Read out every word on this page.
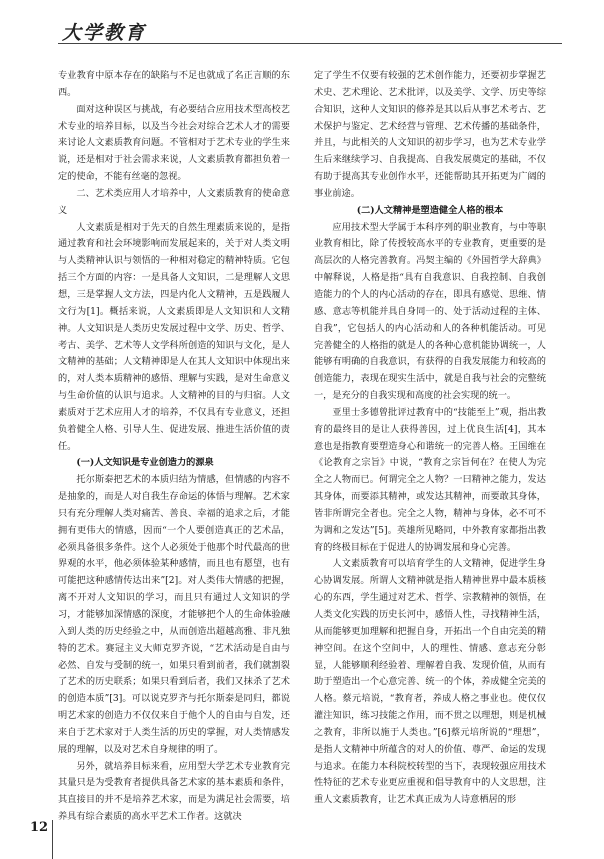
大学教育

专业教育中原本存在的缺陷与不足也就成了名正言顺的东西。

面对这种误区与挑战，有必要结合应用技术型高校艺术专业的培养目标，以及当今社会对综合艺术人才的需要来讨论人文素质教育问题。不管相对于艺术专业的学生来说，还是相对于社会需求来说，人文素质教育都担负着一定的使命，不能有丝毫的忽视。

二、艺术类应用人才培养中，人文素质教育的使命意义

人文素质是相对于先天的自然生理素质来说的，是指通过教育和社会环境影响而发展起来的，关于对人类文明与人类精神认识与领悟的一种相对稳定的精神特质。它包括三个方面的内容：一是具备人文知识，二是理解人文思想，三是掌握人文方法，四是内化人文精神，五是践履人文行为[1]。概括来说，人文素质即是人文知识和人文精神。人文知识是人类历史发展过程中文学、历史、哲学、考古、美学、艺术等人文学科所创造的知识与文化，是人文精神的基础；人文精神即是人在其人文知识中体现出来的，对人类本质精神的感悟、理解与实践，是对生命意义与生命价值的认识与追求。人文精神的目的与归宿。人文素质对于艺术应用人才的培养，不仅具有专业意义，还担负着健全人格、引导人生、促进发展、推进生活价值的责任。

(一)人文知识是专业创造力的源泉

托尔斯泰把艺术的本质归结为情感，但情感的内容不是抽象的，而是人对自我生存命运的体悟与理解。艺术家只有充分理解人类对痛苦、善良、幸福的追求之后，才能拥有更伟大的情感，因而“一个人要创造真正的艺术品，必须具备很多条件。这个人必须处于他那个时代最高的世界观的水平，他必须体验某种感情，而且也有愿望，也有可能把这种感情传达出来”[2]。对人类伟大情感的把握，离不开对人文知识的学习，而且只有通过人文知识的学习，才能够加深情感的深度，才能够把个人的生命体验融入到人类的历史经验之中，从而创造出超越高雅、非凡独特的艺术。赛冠主义大师克罗齐说，“艺术活动是自由与必然、自发与受制的统一，如果只看到前者，我们就割裂了艺术的历史联系；如果只看到后者，我们又抹杀了艺术的创造本质”[3]。可以说克罗齐与托尔斯泰是同归，都说明艺术家的创造力不仅仅来自于他个人的自由与自发，还来自于艺术家对于人类生活的历史的掌握，对人类情感发展的理解，以及对艺术自身规律的明了。

另外，就培养目标来看，应用型大学艺术专业教育完其量只是为受教育者提供具备艺术家的基本素质和条件，其直接目的并不是培养艺术家，而是为满足社会需要，培养具有综合素质的高水平艺术工作者。这就决

定了学生不仅要有较强的艺术创作能力，还要初步掌握艺术史、艺术理论、艺术批评，以及美学、文学、历史等综合知识，这种人文知识的修养是其以后从事艺术考古、艺术保护与鉴定、艺术经营与管理、艺术传播的基础条件，并且，与此相关的人文知识的初步学习，也为艺术专业学生后来继续学习、自我提高、自我发展奠定的基础，不仅有助于提高其专业创作水平，还能帮助其开拓更为广阔的事业前途。

(二)人文精神是塑造健全人格的根本

应用技术型大学属于本科序列的职业教育，与中等职业教育相比，除了传授较高水平的专业教育，更重要的是高层次的人格完善教育。冯契主编的《外国哲学大辞典》中解释说，人格是指“具有自我意识、自我控制、自我创造能力的个人的内心活动的存在，即具有感觉、思维、情感、意志等机能并具自身同一的、处于活动过程的主体、自我”，它包括人的内心活动和人的各种机能活动。可见完善健全的人格指的就是人的各种心意机能协调统一，人能够有明确的自我意识，有获得的自我发展能力和较高的创造能力，表现在现实生活中，就是自我与社会的完整统一，是充分的自我实现和高度的社会实现的统一。

亚里士多德曾批评过教育中的“技能至上”观，指出教育的最终目的是让人获得善因，过上优良生活[4]，其本意也是指教育要塑造身心和谐统一的完善人格。王国维在《论教育之宗旨》中说，“教育之宗旨何在？在使人为完全之人物而已。何谓完全之人物？一曰精神之能力，发达其身体，而要添其精神，或发达其精神，而要敢其身体，皆非所谓完全者也。完全之人物，精神与身体，必不可不为调和之发达”[5]。英雄所见略同，中外教育家都指出教育的终极目标在于促进人的协调发展和身心完善。

人文素质教育可以培育学生的人文精神，促进学生身心协调发展。所谓人文精神就是指人精神世界中最本质核心的东西，学生通过对艺术、哲学、宗教精神的领悟，在人类文化实践的历史长河中，感悟人性，寻找精神生活，从而能够更加理解和把握自身，开拓出一个自由完美的精神空间。在这个空间中，人的理性、情感、意志充分彰显，人能够顺利经验着、理解着自我、发现价值，从而有助于塑造出一个心意完善、统一的个体，养成健全完美的人格。蔡元培说，“教育者，养成人格之事业也。使仅仅灌注知识，练习技能之作用，而不贯之以理想，则是机械之教育，非所以施于人类也。”[6]蔡元培所说的“理想”，是指人文精神中所蕴含的对人的价值、尊严、命运的发现与追求。在能力本科院校转型的当下，表现较强应用技术性特征的艺术专业更应重视和倡导教育中的人文思想，注重人文素质教育，让艺术真正成为人诗意栖居的形

12
